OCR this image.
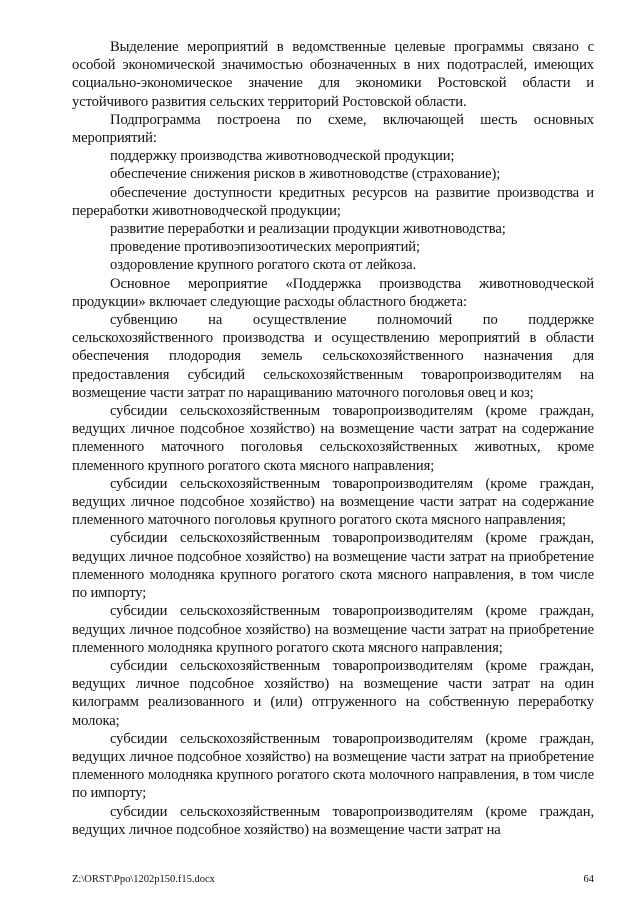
Выделение мероприятий в ведомственные целевые программы связано с особой экономической значимостью обозначенных в них подотраслей, имеющих социально-экономическое значение для экономики Ростовской области и устойчивого развития сельских территорий Ростовской области.

Подпрограмма построена по схеме, включающей шесть основных мероприятий:

поддержку производства животноводческой продукции;

обеспечение снижения рисков в животноводстве (страхование);

обеспечение доступности кредитных ресурсов на развитие производства и переработки животноводческой продукции;

развитие переработки и реализации продукции животноводства;

проведение противоэпизоотических мероприятий;

оздоровление крупного рогатого скота от лейкоза.

Основное мероприятие «Поддержка производства животноводческой продукции» включает следующие расходы областного бюджета:

субвенцию на осуществление полномочий по поддержке сельскохозяйственного производства и осуществлению мероприятий в области обеспечения плодородия земель сельскохозяйственного назначения для предоставления субсидий сельскохозяйственным товаропроизводителям на возмещение части затрат по наращиванию маточного поголовья овец и коз;

субсидии сельскохозяйственным товаропроизводителям (кроме граждан, ведущих личное подсобное хозяйство) на возмещение части затрат на содержание племенного маточного поголовья сельскохозяйственных животных, кроме племенного крупного рогатого скота мясного направления;

субсидии сельскохозяйственным товаропроизводителям (кроме граждан, ведущих личное подсобное хозяйство) на возмещение части затрат на содержание племенного маточного поголовья крупного рогатого скота мясного направления;

субсидии сельскохозяйственным товаропроизводителям (кроме граждан, ведущих личное подсобное хозяйство) на возмещение части затрат на приобретение племенного молодняка крупного рогатого скота мясного направления, в том числе по импорту;

субсидии сельскохозяйственным товаропроизводителям (кроме граждан, ведущих личное подсобное хозяйство) на возмещение части затрат на приобретение племенного молодняка крупного рогатого скота мясного направления;

субсидии сельскохозяйственным товаропроизводителям (кроме граждан, ведущих личное подсобное хозяйство) на возмещение части затрат на один килограмм реализованного и (или) отгруженного на собственную переработку молока;

субсидии сельскохозяйственным товаропроизводителям (кроме граждан, ведущих личное подсобное хозяйство) на возмещение части затрат на приобретение племенного молодняка крупного рогатого скота молочного направления, в том числе по импорту;

субсидии сельскохозяйственным товаропроизводителям (кроме граждан, ведущих личное подсобное хозяйство) на возмещение части затрат на

Z:\ORST\Ppo\1202p150.f15.docx	64
